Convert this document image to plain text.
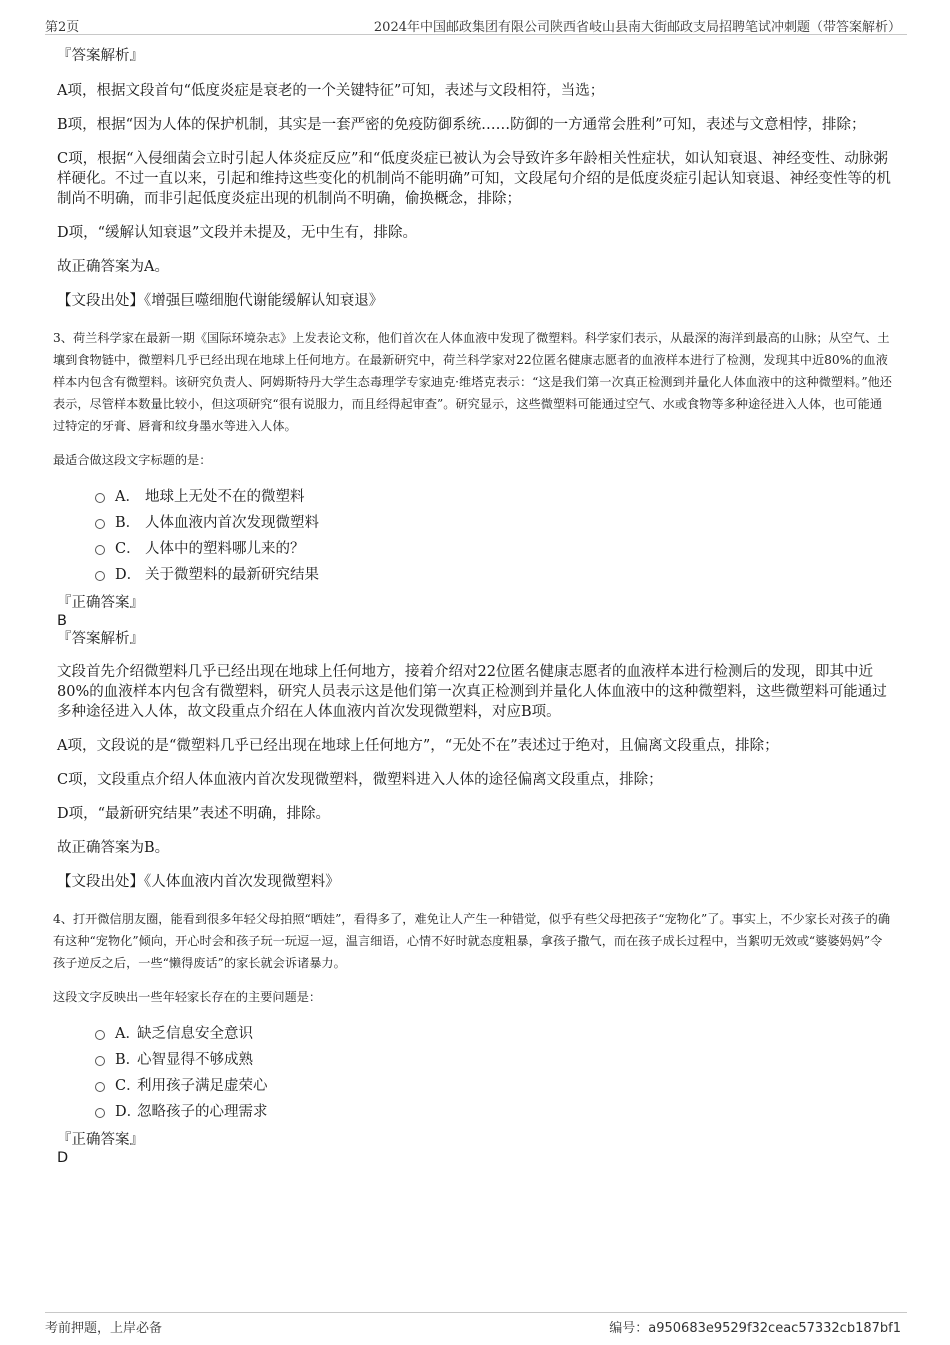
第2页	2024年中国邮政集团有限公司陕西省岐山县南大街邮政支局招聘笔试冲刺题（带答案解析）
『答案解析』

A项，根据文段首句“低度炎症是衰老的一个关键特征”可知，表述与文段相符，当选；

B项，根据“因为人体的保护机制，其实是一套严密的免疫防御系统……防御的一方通常会胜利”可知，表述与文意相悖，排除；

C项，根据“入侵细菌会立时引起人体炎症反应”和“低度炎症已被认为会导致许多年龄相关性症状，如认知衰退、神经变性、动脉粥样硬化。不过一直以来，引起和维持这些变化的机制尚不能明确”可知，文段尾句介绍的是低度炎症引起认知衰退、神经变性等的机制尚不明确，而非引起低度炎症出现的机制尚不明确，偷换概念，排除；

D项，“缓解认知衰退”文段并未提及，无中生有，排除。

故正确答案为A。

【文段出处】《增强巨噬细胞代谢能缓解认知衰退》

3、荷兰科学家在最新一期《国际环境杂志》上发表论文称，他们首次在人体血液中发现了微塑料。科学家们表示，从最深的海洋到最高的山脉；从空气、土壤到食物链中，微塑料几乎已经出现在地球上任何地方。在最新研究中，荷兰科学家对22位匿名健康志愿者的血液样本进行了检测，发现其中近80%的血液样本内包含有微塑料。该研究负责人、阿姆斯特丹大学生态毒理学专家迪克·维塔克表示：“这是我们第一次真正检测到并量化人体血液中的这种微塑料。”他还表示，尽管样本数量比较小，但这项研究“很有说服力，而且经得起审查”。研究显示，这些微塑料可能通过空气、水或食物等多种途径进入人体，也可能通过特定的牙膏、唇膏和纹身墨水等进入人体。

最适合做这段文字标题的是：

A． 地球上无处不在的微塑料
B． 人体血液内首次发现微塑料
C． 人体中的塑料哪儿来的？
D． 关于微塑料的最新研究结果
『正确答案』
B
『答案解析』

文段首先介绍微塑料几乎已经出现在地球上任何地方，接着介绍对22位匿名健康志愿者的血液样本进行检测后的发现，即其中近80%的血液样本内包含有微塑料，研究人员表示这是他们第一次真正检测到并量化人体血液中的这种微塑料，这些微塑料可能通过多种途径进入人体，故文段重点介绍在人体血液内首次发现微塑料，对应B项。

A项，文段说的是“微塑料几乎已经出现在地球上任何地方”，“无处不在”表述过于绝对，且偏离文段重点，排除；

C项，文段重点介绍人体血液内首次发现微塑料，微塑料进入人体的途径偏离文段重点，排除；

D项，“最新研究结果”表述不明确，排除。

故正确答案为B。

【文段出处】《人体血液内首次发现微塑料》

4、打开微信朋友圈，能看到很多年轻父母拍照“晒娃”，看得多了，难免让人产生一种错觉，似乎有些父母把孩子“宠物化”了。事实上，不少家长对孩子的确有这种“宠物化”倾向，开心时会和孩子玩一玩逗一逗，温言细语，心情不好时就态度粗暴，拿孩子撒气，而在孩子成长过程中，当絮叨无效或“婆婆妈妈”令孩子逆反之后，一些“懒得废话”的家长就会诉诸暴力。

这段文字反映出一些年轻家长存在的主要问题是：

A．
缺乏信息安全意识
B．
心智显得不够成熟
C．
利用孩子满足虚荣心
D．
忽略孩子的心理需求
『正确答案』
D
考前押题，上岸必备	编号：a950683e9529f32ceac57332cb187bf1
